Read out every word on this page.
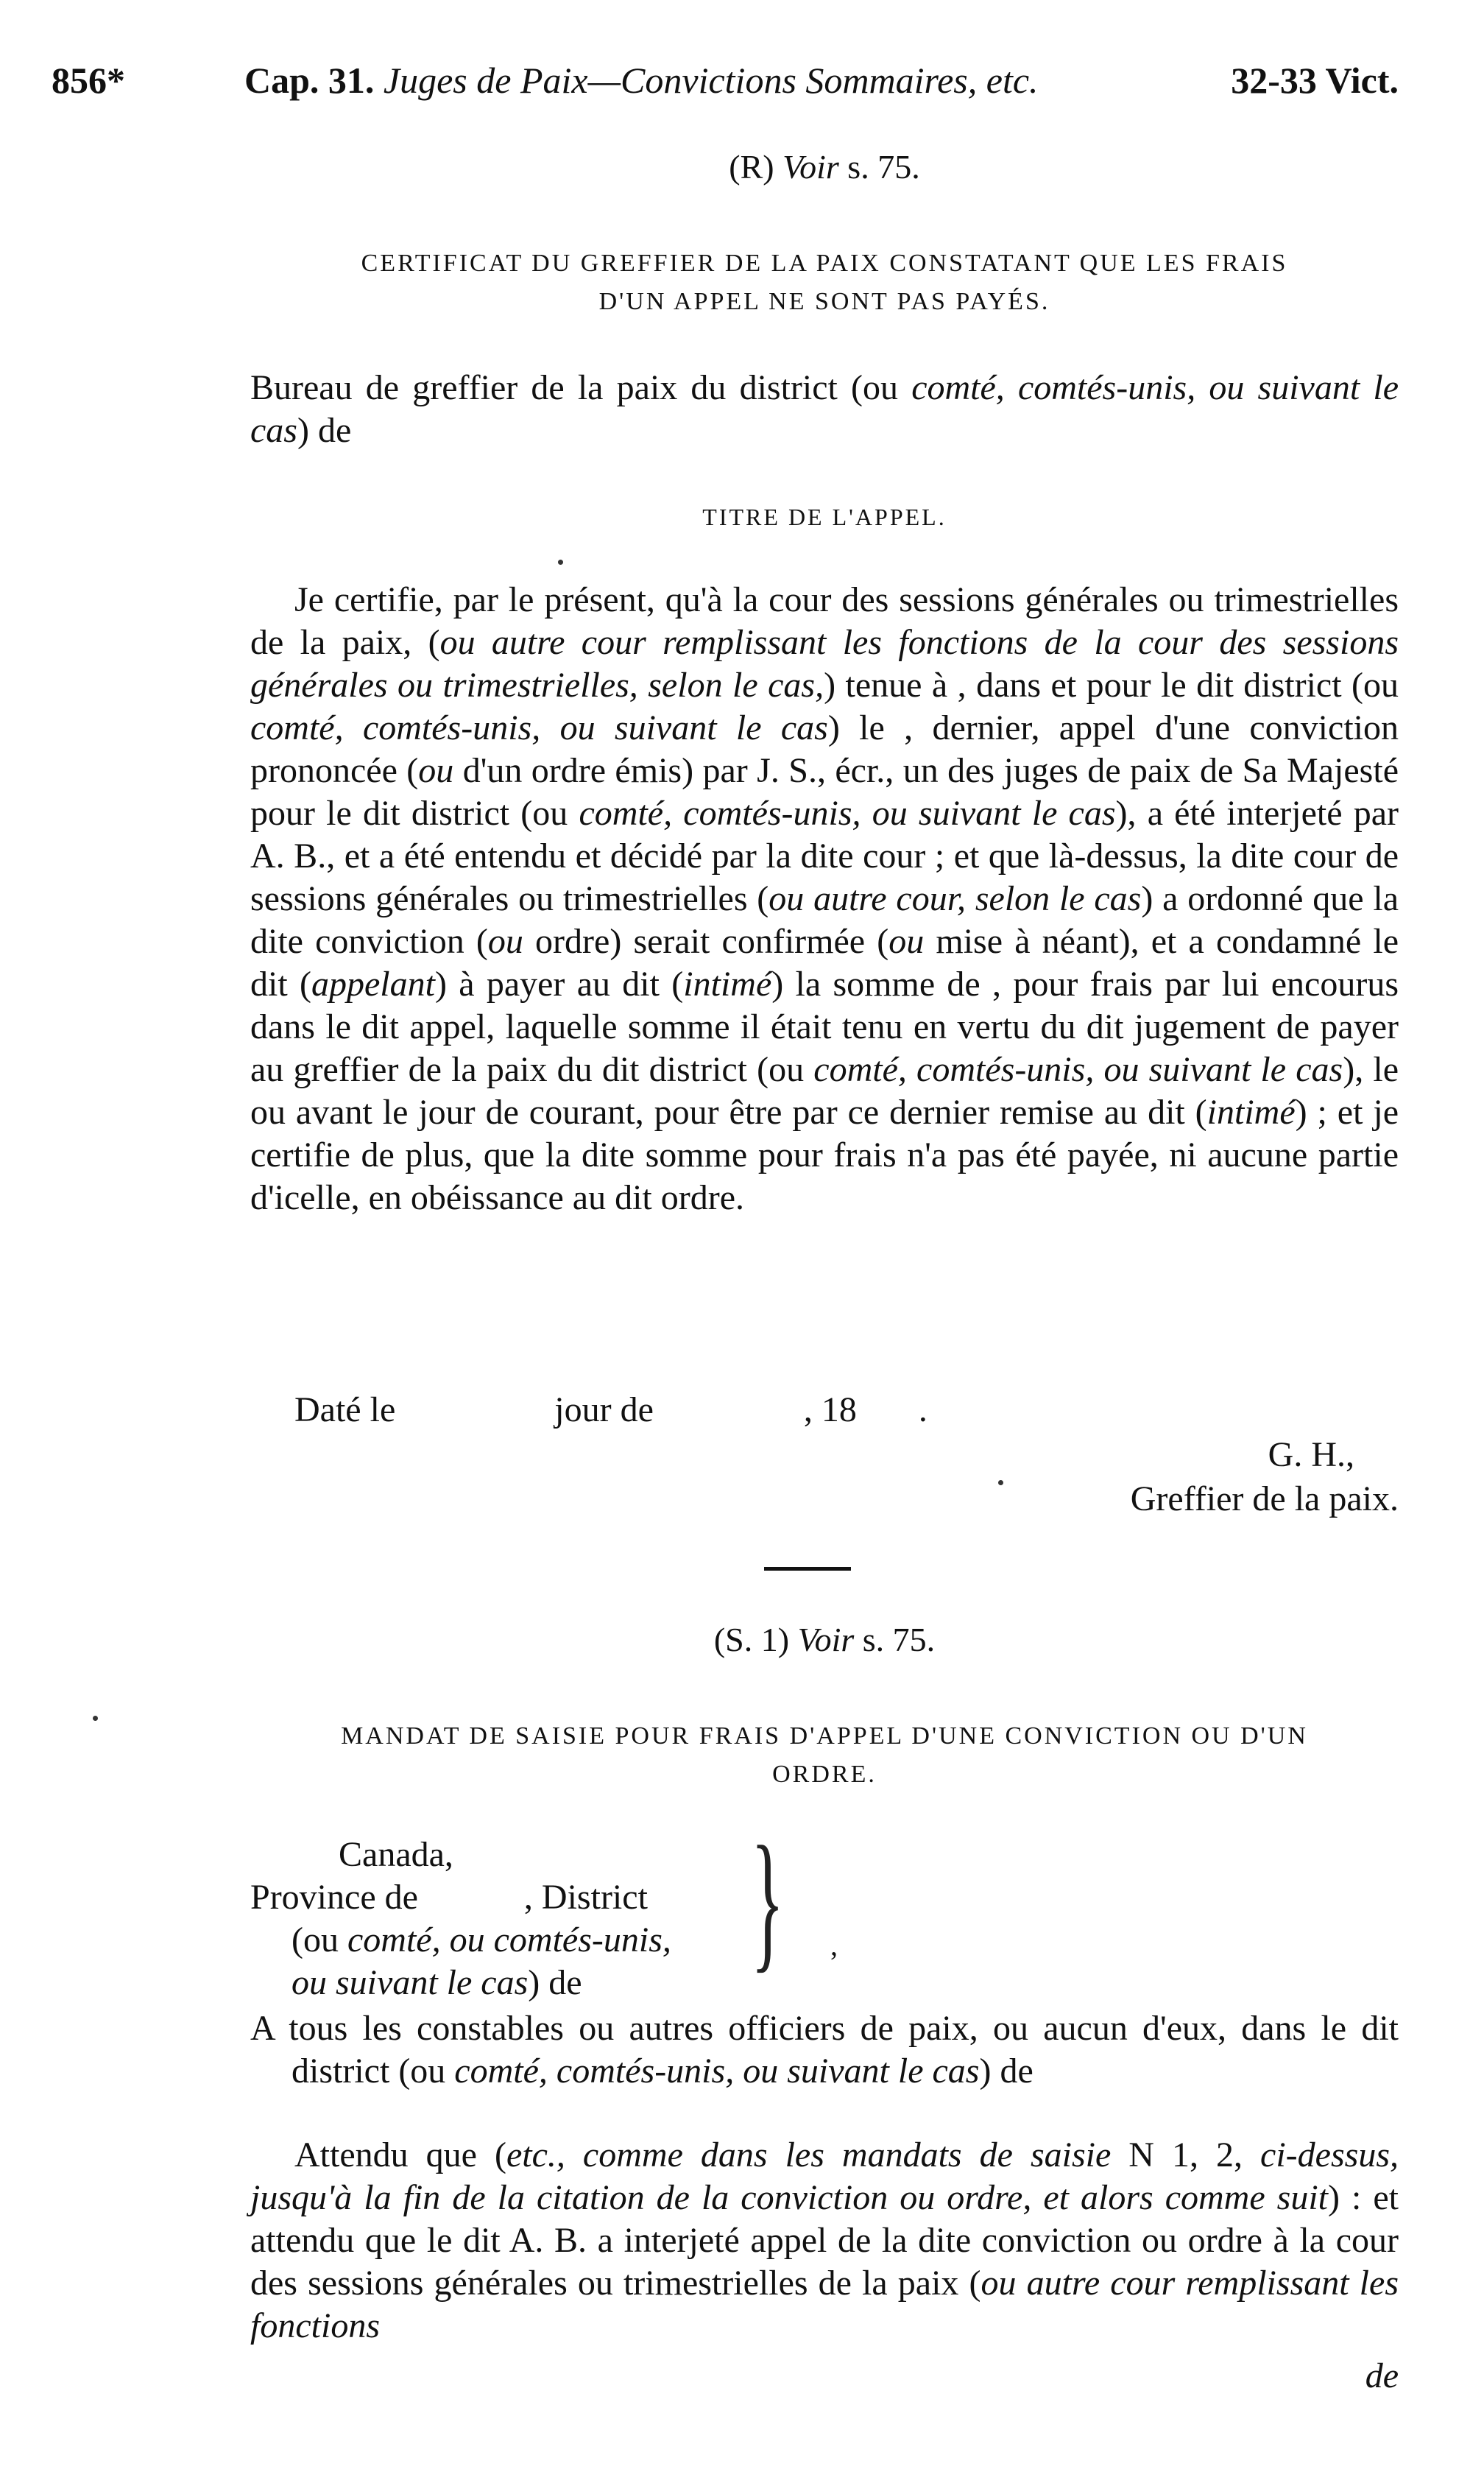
856*	Cap. 31. Juges de Paix—Convictions Sommaires, etc.	32-33 Vict.
(R) Voir s. 75.
CERTIFICAT DU GREFFIER DE LA PAIX CONSTATANT QUE LES FRAIS
D'UN APPEL NE SONT PAS PAYÉS.
Bureau de greffier de la paix du district (ou comté, comtés-unis, ou suivant le cas) de
TITRE DE L'APPEL.
Je certifie, par le présent, qu'à la cour des sessions générales ou trimestrielles de la paix, (ou autre cour remplissant les fonctions de la cour des sessions générales ou trimestrielles, selon le cas,) tenue à , dans et pour le dit district (ou comté, comtés-unis, ou suivant le cas) le , dernier, appel d'une conviction prononcée (ou d'un ordre émis) par J. S., écr., un des juges de paix de Sa Majesté pour le dit district (ou comté, comtés-unis, ou suivant le cas), a été interjeté par A. B., et a été entendu et décidé par la dite cour ; et que là-dessus, la dite cour de sessions générales ou trimestrielles (ou autre cour, selon le cas) a ordonné que la dite conviction (ou ordre) serait confirmée (ou mise à néant), et a condamné le dit (appelant) à payer au dit (intimé) la somme de , pour frais par lui encourus dans le dit appel, laquelle somme il était tenu en vertu du dit jugement de payer au greffier de la paix du dit district (ou comté, comtés-unis, ou suivant le cas), le ou avant le jour de courant, pour être par ce dernier remise au dit (intimé) ; et je certifie de plus, que la dite somme pour frais n'a pas été payée, ni aucune partie d'icelle, en obéissance au dit ordre.
Daté le                  jour de                 , 18       .
G. H.,
Greffier de la paix.
(S. 1) Voir s. 75.
MANDAT DE SAISIE POUR FRAIS D'APPEL D'UNE CONVICTION OU D'UN
ORDRE.
Canada,
Province de            , District
(ou comté, ou comtés-unis,
ou suivant le cas) de	} ,
A tous les constables ou autres officiers de paix, ou aucun d'eux, dans le dit district (ou comté, comtés-unis, ou suivant le cas) de
Attendu que (etc., comme dans les mandats de saisie N 1, 2, ci-dessus, jusqu'à la fin de la citation de la conviction ou ordre, et alors comme suit) : et attendu que le dit A. B. a interjeté appel de la dite conviction ou ordre à la cour des sessions générales ou trimestrielles de la paix (ou autre cour remplissant les fonctions
de
